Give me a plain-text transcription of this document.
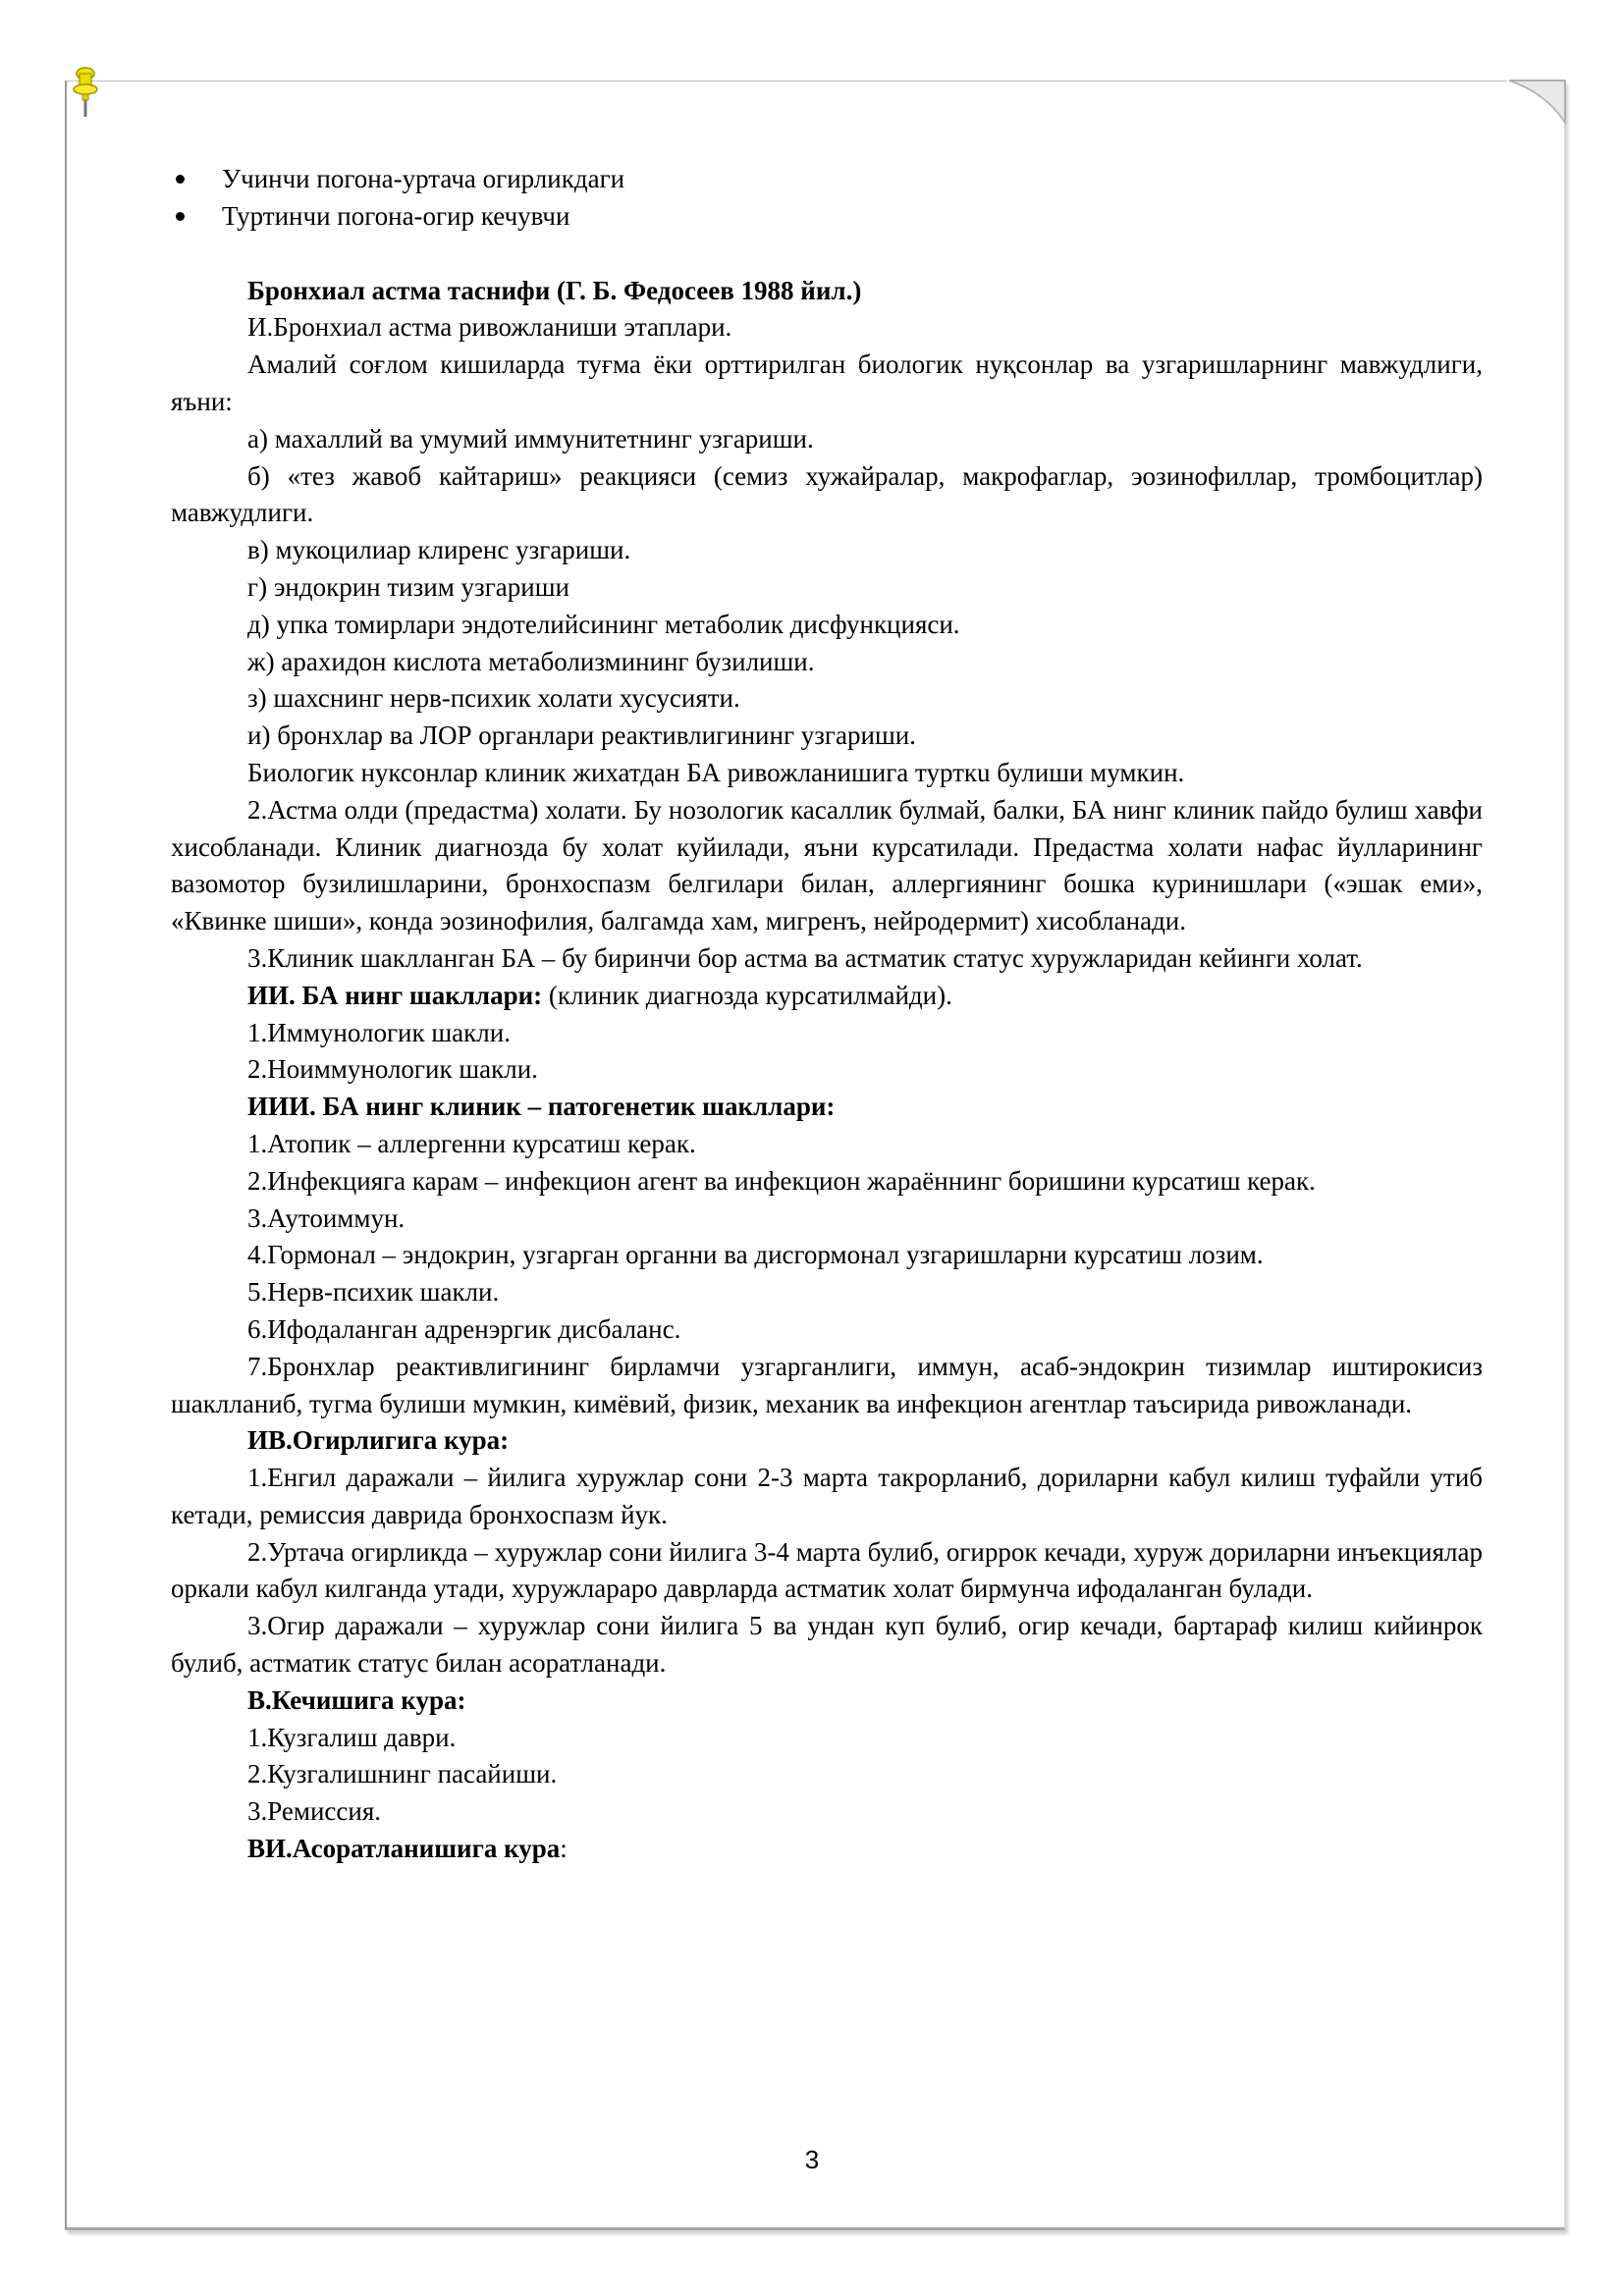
Учинчи погона-уртача огирликдаги
Туртинчи погона-огир кечувчи

Бронхиал астма таснифи (Г. Б. Федосеев 1988 йил.)

И.Бронхиал астма ривожланиши этаплари.

Амалий соғлом кишиларда туғма ёки орттирилган биологик нуқсонлар ва узгаришларнинг мавжудлиги, яъни:

а) махаллий ва умумий иммунитетнинг узгариши.

б) «тез жавоб кайтариш» реакцияси (семиз хужайралар, макрофаглар, эозинофиллар, тромбоцитлар) мавжудлиги.

в) мукоцилиар клиренс узгариши.

г) эндокрин тизим узгариши

д) упка томирлари эндотелийсининг метаболик дисфункцияси.

ж) арахидон кислота метаболизмининг бузилиши.

з) шахснинг нерв-психик холати хусусияти.

и) бронхлар ва ЛОР органлари реактивлигининг узгариши.

Биологик нуксонлар клиник жихатдан БА ривожланишига турткu булиши мумкин.

2.Астма олди (предастма) холати. Бу нозологик касаллик булмай, балки, БА нинг клиник пайдо булиш хавфи хисобланади. Клиник диагнозда бу холат куйилади, яъни курсатилади. Предастма холати нафас йулларининг вазомотор бузилишларини, бронхоспазм белгилари билан, аллергиянинг бошка куринишлари («эшак еми», «Квинке шиши», конда эозинофилия, балгамда хам, мигренъ, нейродермит) хисобланади.

3.Клиник шаклланган БА – бу биринчи бор астма ва астматик статус хуружларидан кейинги холат.

ИИ. БА нинг шакллари: (клиник диагнозда курсатилмайди).

1.Иммунологик шакли.

2.Ноиммунологик шакли.

ИИИ. БА нинг клиник – патогенетик шакллари:

1.Атопик – аллергенни курсатиш керак.

2.Инфекцияга карам – инфекцион агент ва инфекцион жараённинг боришини курсатиш керак.

3.Аутоиммун.

4.Гормонал – эндокрин, узгарган органни ва дисгормонал узгаришларни курсатиш лозим.

5.Нерв-психик шакли.

6.Ифодаланган адренэргик дисбаланс.

7.Бронхлар реактивлигининг бирламчи узгарганлиги, иммун, асаб-эндокрин тизимлар иштирокисиз шаклланиб, тугма булиши мумкин, кимёвий, физик, механик ва инфекцион агентлар таъсирида ривожланади.

ИВ.Огирлигига кура:

1.Енгил даражали – йилига хуружлар сони 2-3 марта такрорланиб, дориларни кабул килиш туфайли утиб кетади, ремиссия даврида бронхоспазм йук.

2.Уртача огирликда – хуружлар сони йилига 3-4 марта булиб, огиррок кечади, хуруж дориларни инъекциялар оркали кабул килганда утади, хуружлараро даврларда астматик холат бирмунча ифодаланган булади.

3.Огир даражали – хуружлар сони йилига 5 ва ундан куп булиб, огир кечади, бартараф килиш кийинрок булиб, астматик статус билан асоратланади.

В.Кечишига кура:

1.Кузгалиш даври.

2.Кузгалишнинг пасайиши.

3.Ремиссия.

ВИ.Асоратланишига кура:

3
